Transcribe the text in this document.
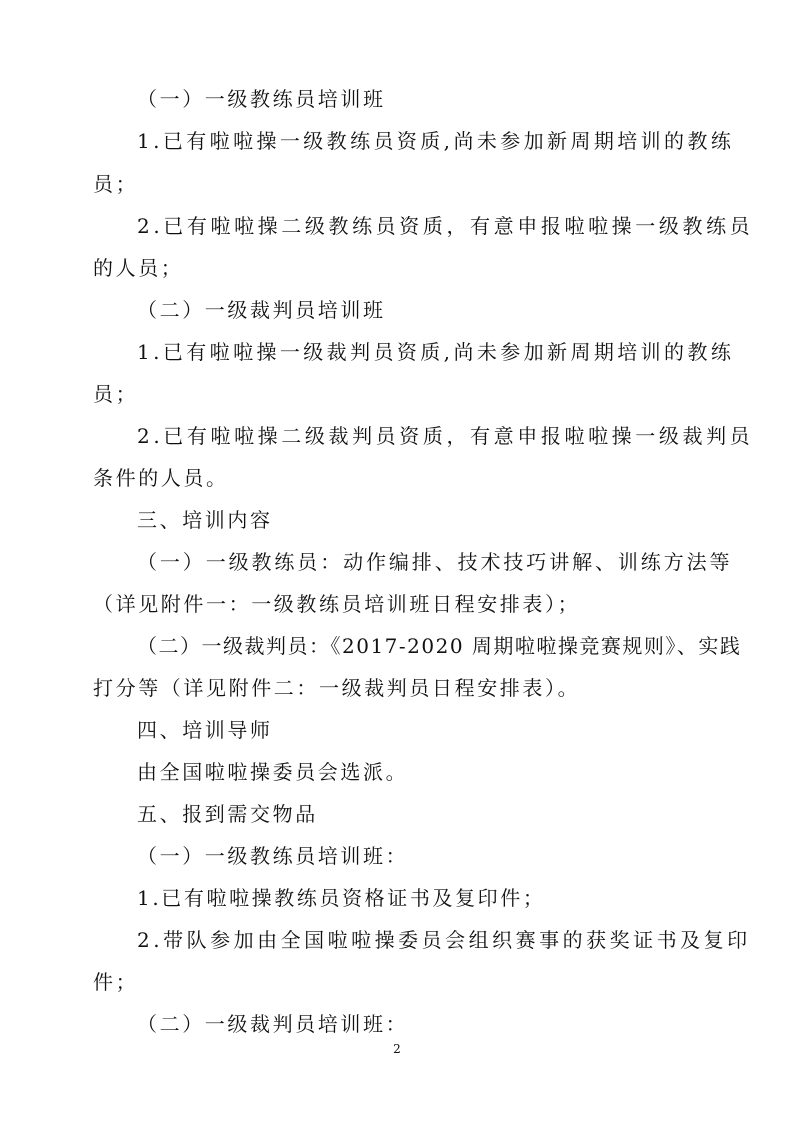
（一）一级教练员培训班
1.已有啦啦操一级教练员资质,尚未参加新周期培训的教练
员；
2.已有啦啦操二级教练员资质，有意申报啦啦操一级教练员
的人员；
（二）一级裁判员培训班
1.已有啦啦操一级裁判员资质,尚未参加新周期培训的教练
员；
2.已有啦啦操二级裁判员资质，有意申报啦啦操一级裁判员
条件的人员。
三、培训内容
（一）一级教练员：动作编排、技术技巧讲解、训练方法等
（详见附件一：一级教练员培训班日程安排表）；
（二）一级裁判员：《2017-2020 周期啦啦操竞赛规则》、实践
打分等（详见附件二：一级裁判员日程安排表）。
四、培训导师
由全国啦啦操委员会选派。
五、报到需交物品
（一）一级教练员培训班：
1.已有啦啦操教练员资格证书及复印件；
2.带队参加由全国啦啦操委员会组织赛事的获奖证书及复印
件；
（二）一级裁判员培训班：
2
